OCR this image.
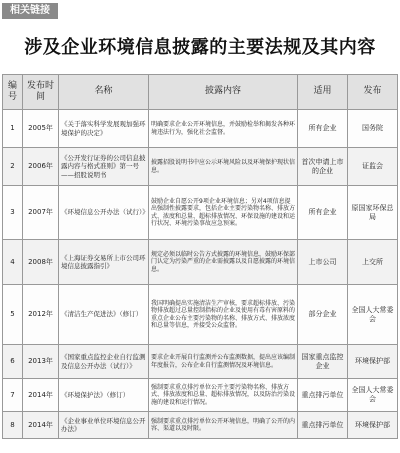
相关链接
涉及企业环境信息披露的主要法规及其内容
编号	发布时间	名称	披露内容	适用	发布
1	2005年	《关于落实科学发展观加强环境保护的决定》	明确要求企业公开环境信息，并鼓励检举和揭发各种环境违法行为，强化社会监督。	所有企业	国务院
2	2006年	《公开发行证券的公司信息披露内容与格式准则》第一号——招股说明书	披露招股说明书中应公示环境风险以及环境保护现状信息。	首次申请上市的企业	证监会
3	2007年	《环境信息公开办法（试行）》	鼓励企业自愿公开9项企业环境信息；另对4项信息提出强制性披露要求，包括企业主要污染物名称、排放方式、浓度和总量、超标排放情况、环保设施的建设和运行状况、环境污染事故应急预案。	所有企业	原国家环保总局
4	2008年	《上海证券交易所上市公司环境信息披露指引》	规定必须以临时公告方式披露的环境信息，鼓励环保部门认定为污染严重的企业需披露以及自愿披露的环境信息。	上市公司	上交所
5	2012年	《清洁生产促进法》（修订）	我国明确提出实施清洁生产审核，要求超标排放、污染物排放超过总量控制指标的企业及使用有毒有害原料的重点企业公布主要污染物的名称、排放方式、排放浓度和总量等信息，并接受公众监督。	部分企业	全国人大常委会
6	2013年	《国家重点监控企业自行监测及信息公开办法（试行）》	要求企业开展自行监测并公布监测数据，提出应该编制年度报告，公布企业自行监测情况及环境信息。	国家重点监控企业	环境保护部
7	2014年	《环境保护法》（修订）	强制要求重点排污单位公开主要污染物名称、排放方式、排放浓度和总量、超标排放情况，以及防治污染设施的建设和运行情况。	重点排污单位	全国人大常委会
8	2014年	《企业事业单位环境信息公开办法》	强制要求重点排污单位公开环境信息，明确了公开的内容、渠道以及时限。	重点排污单位	环境保护部
